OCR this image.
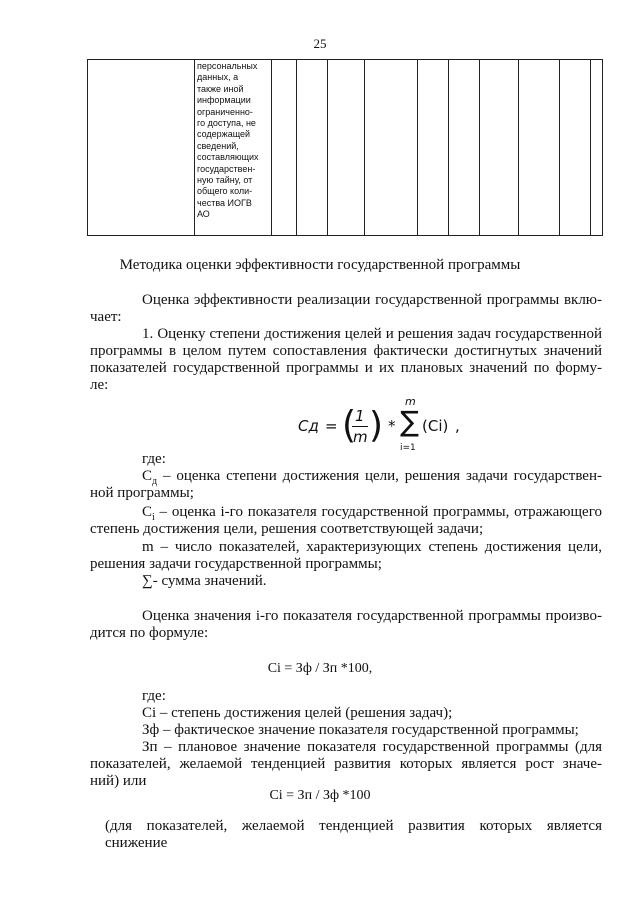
25

персональных
данных, а
также иной
информации
ограниченно-
го доступа, не
содержащей
сведений,
составляющих
государствен-
ную тайну, от
общего коли-
чества ИОГВ
АО

Методика оценки эффективности государственной программы

Оценка эффективности реализации государственной программы вклю-

чает:

1. Оценку степени достижения целей и решения задач государственной

программы в целом путем сопоставления фактически достигнутых значений

показателей государственной программы и их плановых значений по форму-

ле:

Cд = (
1
m ) *
m
∑
i=1
(Ci) ,

где:

$С_д$ – оценка степени достижения цели, решения задачи государствен-

ной программы;

$С_i$ – оценка i-го показателя государственной программы, отражающего

степень достижения цели, решения соответствующей задачи;

m – число показателей, характеризующих степень достижения цели,

решения задачи государственной программы;

∑- сумма значений.

Оценка значения i-го показателя государственной программы произво-

дится по формуле:

Сi = Зф / Зп *100,

где:

Сi – степень достижения целей (решения задач);

Зф – фактическое значение показателя государственной программы;

Зп – плановое значение показателя государственной программы (для

показателей, желаемой тенденцией развития которых является рост значе-

ний) или

Сi = Зп / Зф *100

(для показателей, желаемой тенденцией развития которых является снижение
